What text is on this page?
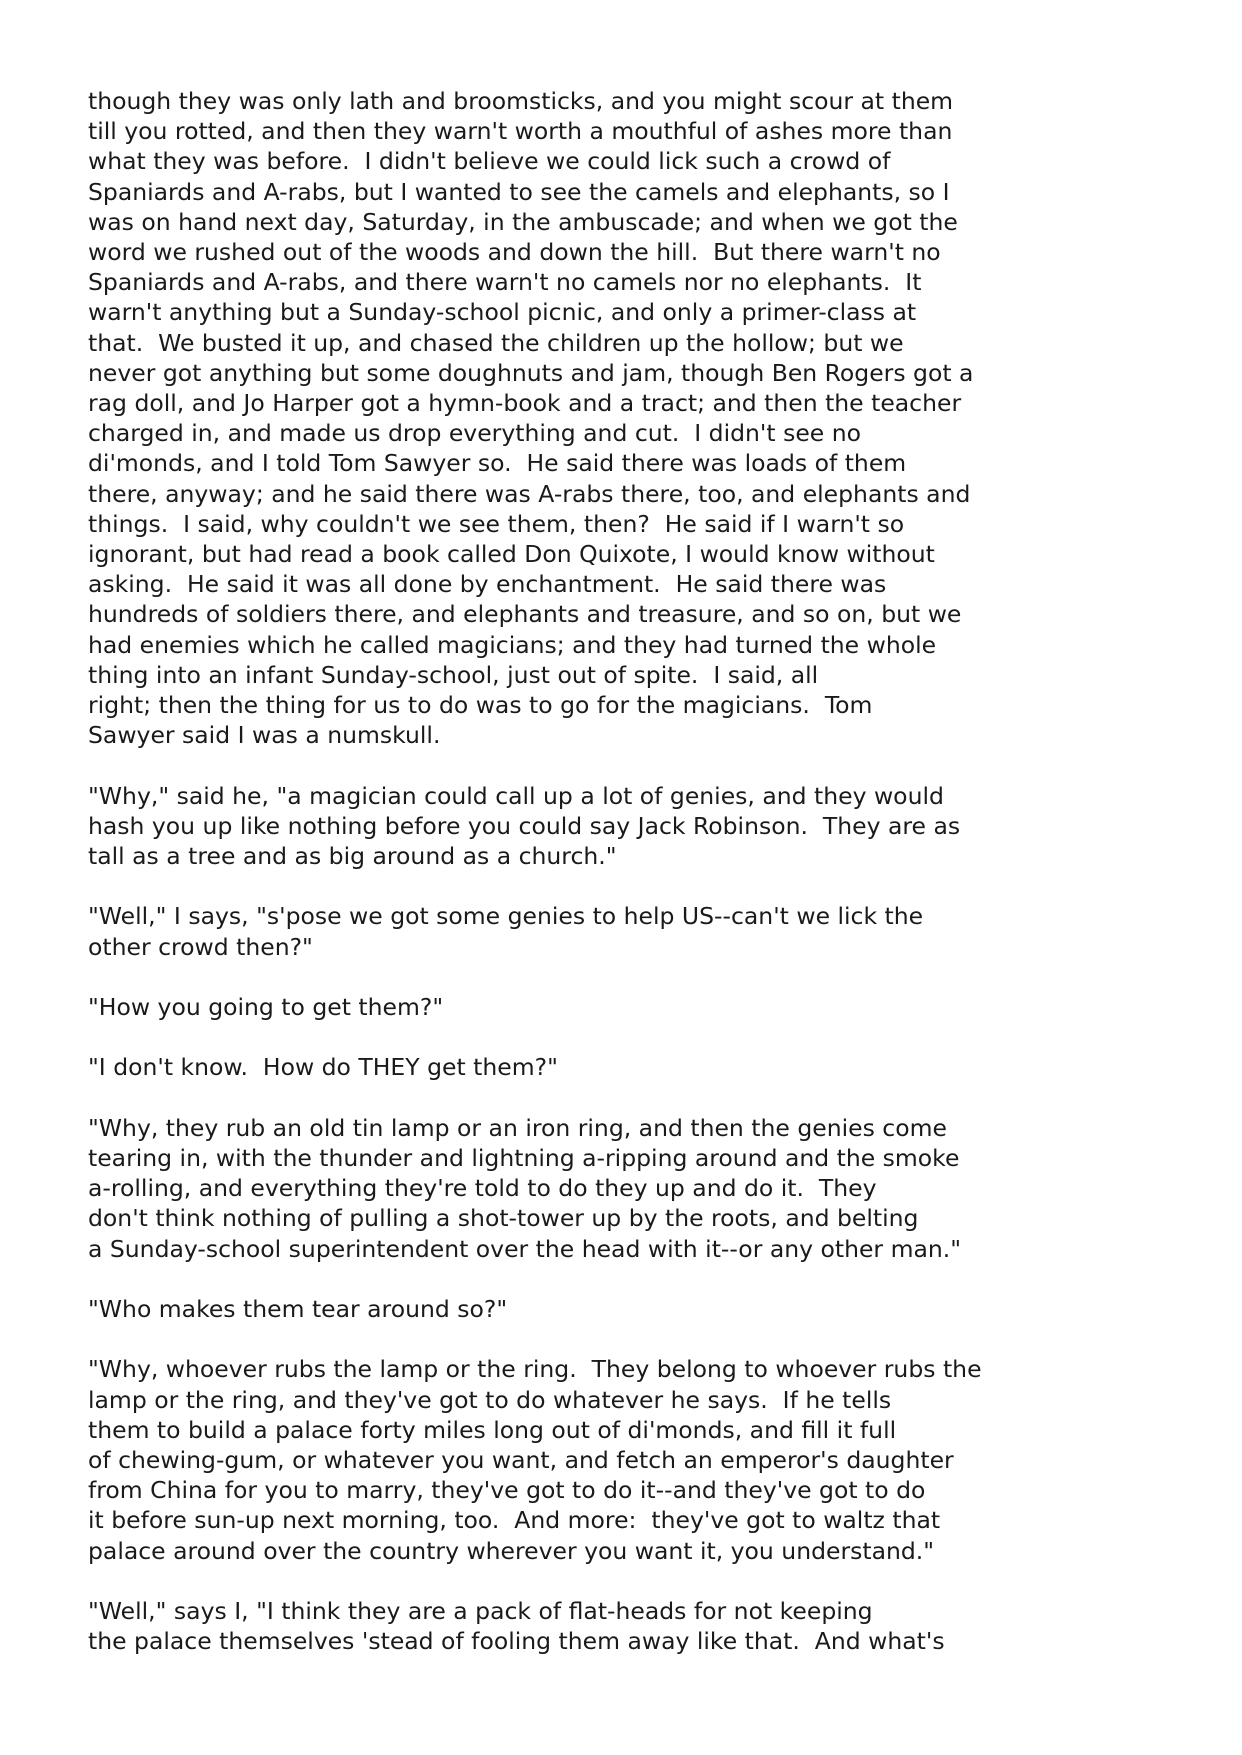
though they was only lath and broomsticks, and you might scour at them
till you rotted, and then they warn't worth a mouthful of ashes more than
what they was before.  I didn't believe we could lick such a crowd of
Spaniards and A-rabs, but I wanted to see the camels and elephants, so I
was on hand next day, Saturday, in the ambuscade; and when we got the
word we rushed out of the woods and down the hill.  But there warn't no
Spaniards and A-rabs, and there warn't no camels nor no elephants.  It
warn't anything but a Sunday-school picnic, and only a primer-class at
that.  We busted it up, and chased the children up the hollow; but we
never got anything but some doughnuts and jam, though Ben Rogers got a
rag doll, and Jo Harper got a hymn-book and a tract; and then the teacher
charged in, and made us drop everything and cut.  I didn't see no
di'monds, and I told Tom Sawyer so.  He said there was loads of them
there, anyway; and he said there was A-rabs there, too, and elephants and
things.  I said, why couldn't we see them, then?  He said if I warn't so
ignorant, but had read a book called Don Quixote, I would know without
asking.  He said it was all done by enchantment.  He said there was
hundreds of soldiers there, and elephants and treasure, and so on, but we
had enemies which he called magicians; and they had turned the whole
thing into an infant Sunday-school, just out of spite.  I said, all
right; then the thing for us to do was to go for the magicians.  Tom
Sawyer said I was a numskull.
"Why," said he, "a magician could call up a lot of genies, and they would
hash you up like nothing before you could say Jack Robinson.  They are as
tall as a tree and as big around as a church."
"Well," I says, "s'pose we got some genies to help US--can't we lick the
other crowd then?"
"How you going to get them?"
"I don't know.  How do THEY get them?"
"Why, they rub an old tin lamp or an iron ring, and then the genies come
tearing in, with the thunder and lightning a-ripping around and the smoke
a-rolling, and everything they're told to do they up and do it.  They
don't think nothing of pulling a shot-tower up by the roots, and belting
a Sunday-school superintendent over the head with it--or any other man."
"Who makes them tear around so?"
"Why, whoever rubs the lamp or the ring.  They belong to whoever rubs the
lamp or the ring, and they've got to do whatever he says.  If he tells
them to build a palace forty miles long out of di'monds, and fill it full
of chewing-gum, or whatever you want, and fetch an emperor's daughter
from China for you to marry, they've got to do it--and they've got to do
it before sun-up next morning, too.  And more:  they've got to waltz that
palace around over the country wherever you want it, you understand."
"Well," says I, "I think they are a pack of flat-heads for not keeping
the palace themselves 'stead of fooling them away like that.  And what's
